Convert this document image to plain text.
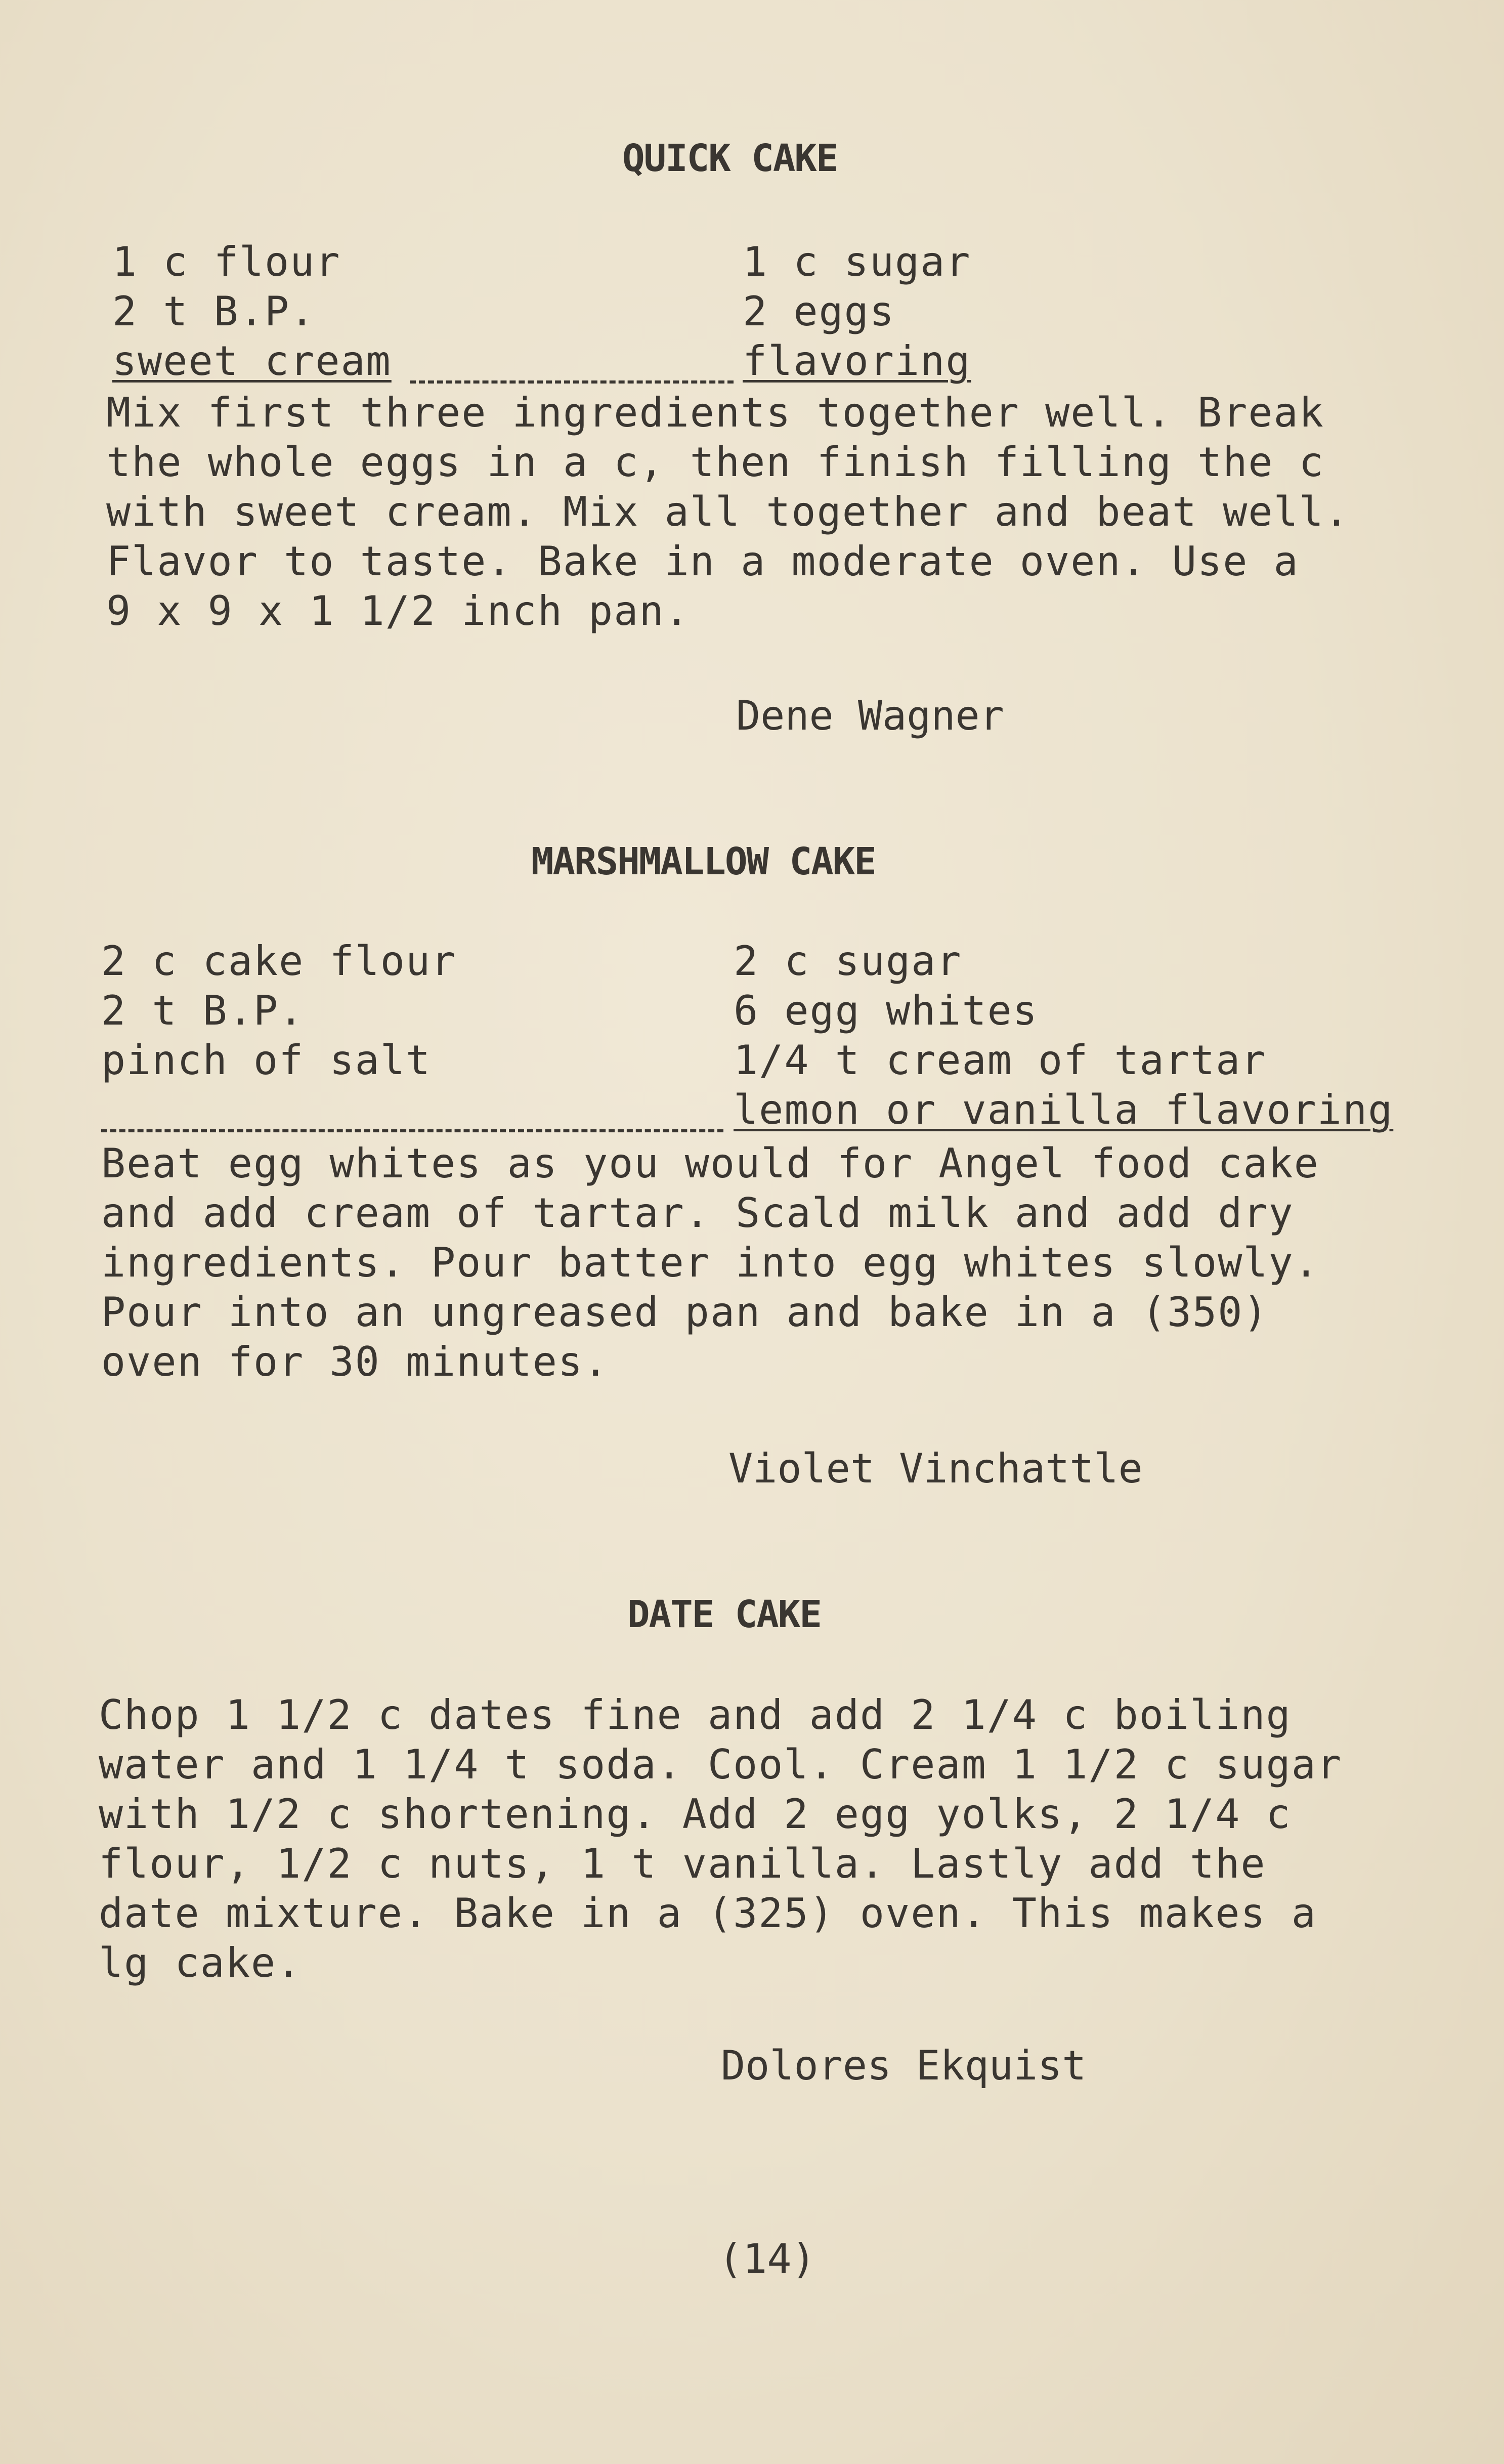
QUICK CAKE
1 c flour
2 t B.P.
sweet cream
1 c sugar
2 eggs
flavoring
Mix first three ingredients together well. Break
the whole eggs in a c, then finish filling the c
with sweet cream. Mix all together and beat well.
Flavor to taste. Bake in a moderate oven. Use a
9 x 9 x 1 1/2 inch pan.
Dene Wagner
MARSHMALLOW CAKE
2 c cake flour
2 t B.P.
pinch of salt
2 c sugar
6 egg whites
1/4 t cream of tartar
lemon or vanilla flavoring
Beat egg whites as you would for Angel food cake
and add cream of tartar. Scald milk and add dry
ingredients. Pour batter into egg whites slowly.
Pour into an ungreased pan and bake in a (350)
oven for 30 minutes.
Violet Vinchattle
DATE CAKE
Chop 1 1/2 c dates fine and add 2 1/4 c boiling
water and 1 1/4 t soda. Cool. Cream 1 1/2 c sugar
with 1/2 c shortening. Add 2 egg yolks, 2 1/4 c
flour, 1/2 c nuts, 1 t vanilla. Lastly add the
date mixture. Bake in a (325) oven. This makes a
lg cake.
Dolores Ekquist
(14)
